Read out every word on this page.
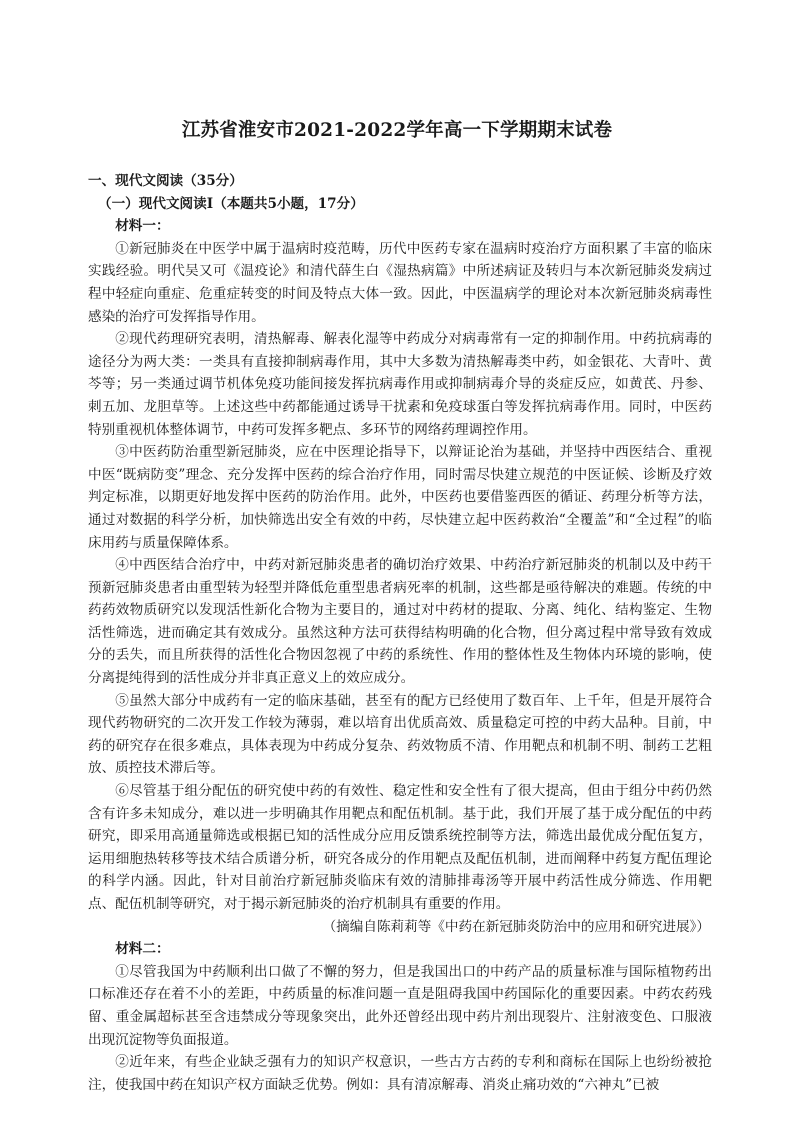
江苏省淮安市2021-2022学年高一下学期期末试卷

一、现代文阅读（35分）

（一）现代文阅读Ⅰ（本题共5小题，17分）

材料一：

①新冠肺炎在中医学中属于温病时疫范畴，历代中医药专家在温病时疫治疗方面积累了丰富的临床实践经验。明代吴又可《温疫论》和清代薛生白《湿热病篇》中所述病证及转归与本次新冠肺炎发病过程中轻症向重症、危重症转变的时间及特点大体一致。因此，中医温病学的理论对本次新冠肺炎病毒性感染的治疗可发挥指导作用。

②现代药理研究表明，清热解毒、解表化湿等中药成分对病毒常有一定的抑制作用。中药抗病毒的途径分为两大类：一类具有直接抑制病毒作用，其中大多数为清热解毒类中药，如金银花、大青叶、黄芩等；另一类通过调节机体免疫功能间接发挥抗病毒作用或抑制病毒介导的炎症反应，如黄芪、丹参、刺五加、龙胆草等。上述这些中药都能通过诱导干扰素和免疫球蛋白等发挥抗病毒作用。同时，中医药特别重视机体整体调节，中药可发挥多靶点、多环节的网络药理调控作用。

③中医药防治重型新冠肺炎，应在中医理论指导下，以辩证论治为基础，并坚持中西医结合、重视中医“既病防变”理念、充分发挥中医药的综合治疗作用，同时需尽快建立规范的中医证候、诊断及疗效判定标准，以期更好地发挥中医药的防治作用。此外，中医药也要借鉴西医的循证、药理分析等方法，通过对数据的科学分析，加快筛选出安全有效的中药，尽快建立起中医药救治“全覆盖”和“全过程”的临床用药与质量保障体系。

④中西医结合治疗中，中药对新冠肺炎患者的确切治疗效果、中药治疗新冠肺炎的机制以及中药干预新冠肺炎患者由重型转为轻型并降低危重型患者病死率的机制，这些都是亟待解决的难题。传统的中药药效物质研究以发现活性新化合物为主要目的，通过对中药材的提取、分离、纯化、结构鉴定、生物活性筛选，进而确定其有效成分。虽然这种方法可获得结构明确的化合物，但分离过程中常导致有效成分的丢失，而且所获得的活性化合物因忽视了中药的系统性、作用的整体性及生物体内环境的影响，使分离提纯得到的活性成分并非真正意义上的效应成分。

⑤虽然大部分中成药有一定的临床基础，甚至有的配方已经使用了数百年、上千年，但是开展符合现代药物研究的二次开发工作较为薄弱，难以培育出优质高效、质量稳定可控的中药大品种。目前，中药的研究存在很多难点，具体表现为中药成分复杂、药效物质不清、作用靶点和机制不明、制药工艺粗放、质控技术滞后等。

⑥尽管基于组分配伍的研究使中药的有效性、稳定性和安全性有了很大提高，但由于组分中药仍然含有许多未知成分，难以进一步明确其作用靶点和配伍机制。基于此，我们开展了基于成分配伍的中药研究，即采用高通量筛选或根据已知的活性成分应用反馈系统控制等方法，筛选出最优成分配伍复方，运用细胞热转移等技术结合质谱分析，研究各成分的作用靶点及配伍机制，进而阐释中药复方配伍理论的科学内涵。因此，针对目前治疗新冠肺炎临床有效的清肺排毒汤等开展中药活性成分筛选、作用靶点、配伍机制等研究，对于揭示新冠肺炎的治疗机制具有重要的作用。

（摘编自陈莉莉等《中药在新冠肺炎防治中的应用和研究进展》）

材料二：

①尽管我国为中药顺利出口做了不懈的努力，但是我国出口的中药产品的质量标准与国际植物药出口标准还存在着不小的差距，中药质量的标准问题一直是阻碍我国中药国际化的重要因素。中药农药残留、重金属超标甚至含违禁成分等现象突出，此外还曾经出现中药片剂出现裂片、注射液变色、口服液出现沉淀物等负面报道。

②近年来，有些企业缺乏强有力的知识产权意识，一些古方古药的专利和商标在国际上也纷纷被抢注，使我国中药在知识产权方面缺乏优势。例如：具有清凉解毒、消炎止痛功效的“六神丸”已被
